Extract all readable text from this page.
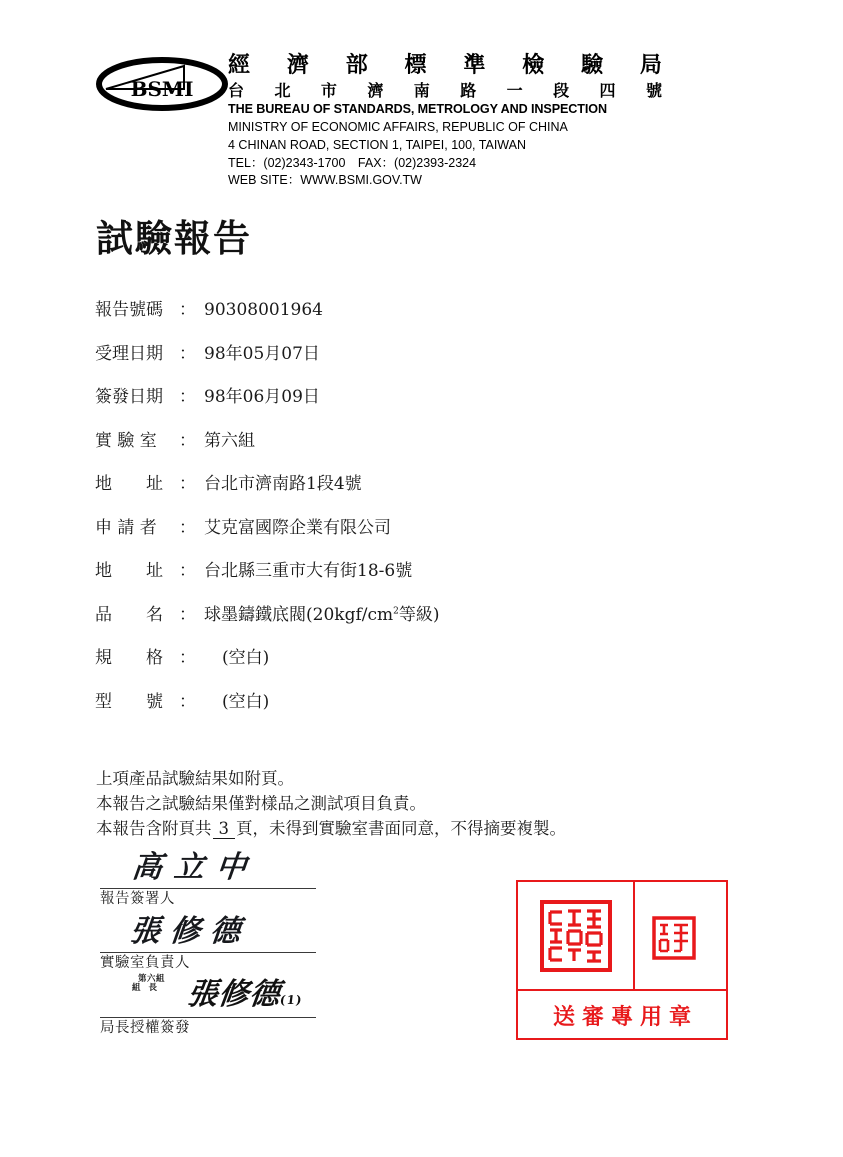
BSMI
經 濟 部 標 準 檢 驗 局
台 北 市 濟 南 路 一 段 四 號
THE BUREAU OF STANDARDS, METROLOGY AND INSPECTION
MINISTRY OF ECONOMIC AFFAIRS, REPUBLIC OF CHINA
4 CHINAN ROAD, SECTION 1, TAIPEI, 100, TAIWAN
TEL：(02)2343-1700　FAX：(02)2393-2324
WEB SITE：WWW.BSMI.GOV.TW
試驗報告
報告號碼 ： 90308001964
受理日期 ： 98年05月07日
簽發日期 ： 98年06月09日
實 驗 室	： 第六組
地　　址 ： 台北市濟南路1段4號
申 請 者	： 艾克富國際企業有限公司
地　　址 ： 台北縣三重市大有街18-6號
品　　名 ： 球墨鑄鐵底閥($20kgf/cm^2$等級)
規　　格 ：	(空白)
型　　號 ：	(空白)
上項產品試驗結果如附頁。
本報告之試驗結果僅對樣品之測試項目負責。
本報告含附頁共 3 頁，未得到實驗室書面同意，不得摘要複製。
高立中
報告簽署人
張修德
實驗室負責人
第六組
組長 張修德(1)
局長授權簽發	送審專用章
